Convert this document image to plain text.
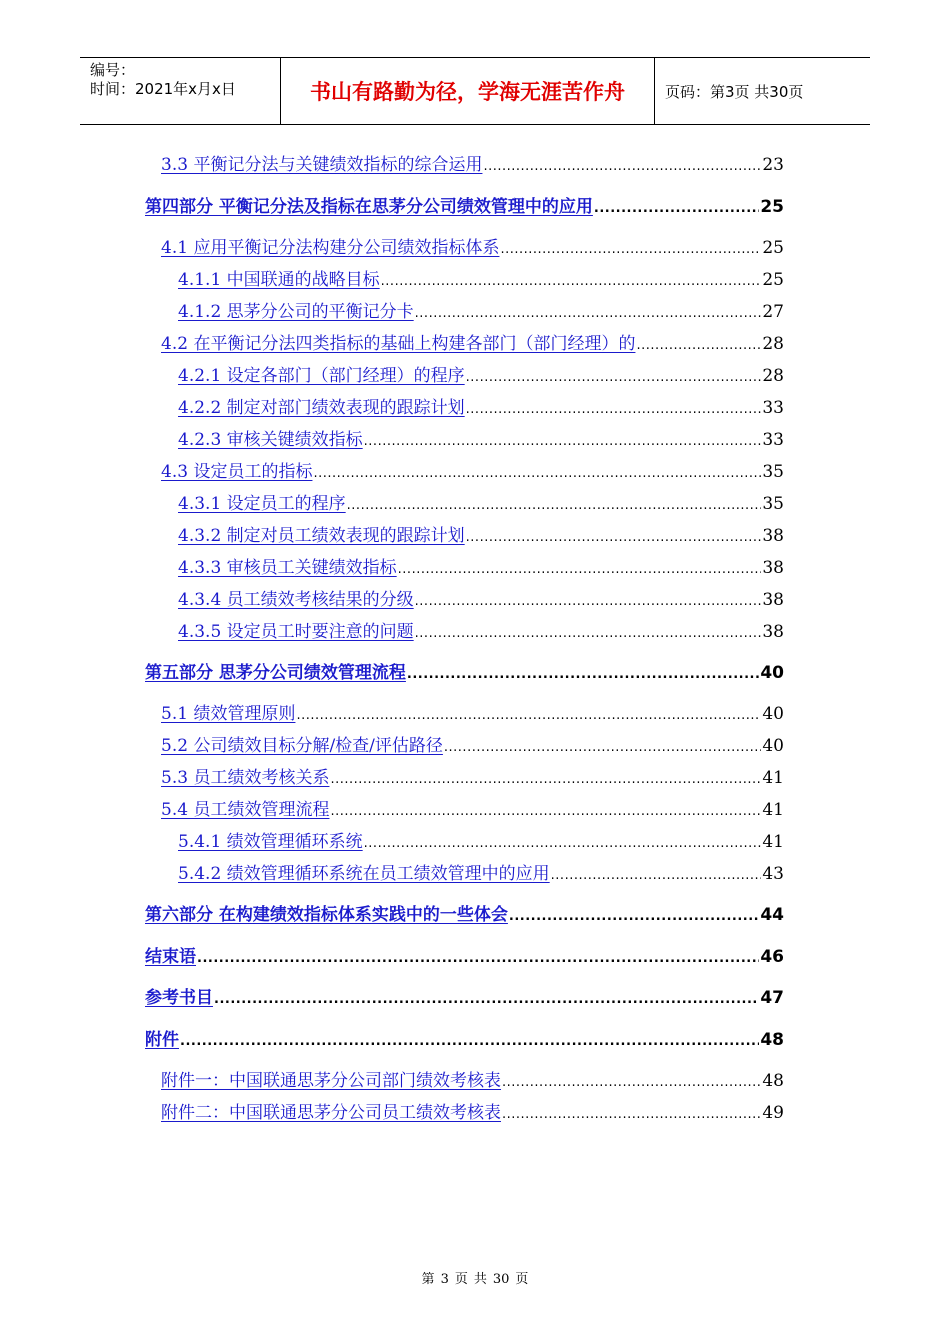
编号：
时间：2021年x月x日	书山有路勤为径，学海无涯苦作舟	页码：第3页 共30页
3.3 平衡记分法与关键绩效指标的综合运用 .....	23
第四部分 平衡记分法及指标在思茅分公司绩效管理中的应用 .....	25
4.1 应用平衡记分法构建分公司绩效指标体系 .....	25
4.1.1 中国联通的战略目标 .....	25
4.1.2 思茅分公司的平衡记分卡 .....	27
4.2 在平衡记分法四类指标的基础上构建各部门（部门经理）的 .....	28
4.2.1 设定各部门（部门经理）的程序 .....	28
4.2.2 制定对部门绩效表现的跟踪计划 .....	33
4.2.3 审核关键绩效指标 .....	33
4.3 设定员工的指标 .....	35
4.3.1 设定员工的程序 .....	35
4.3.2 制定对员工绩效表现的跟踪计划 .....	38
4.3.3 审核员工关键绩效指标 .....	38
4.3.4 员工绩效考核结果的分级 .....	38
4.3.5 设定员工时要注意的问题 .....	38
第五部分 思茅分公司绩效管理流程 .....	40
5.1 绩效管理原则 .....	40
5.2 公司绩效目标分解/检查/评估路径 .....	40
5.3 员工绩效考核关系 .....	41
5.4 员工绩效管理流程 .....	41
5.4.1 绩效管理循环系统 .....	41
5.4.2 绩效管理循环系统在员工绩效管理中的应用 .....	43
第六部分 在构建绩效指标体系实践中的一些体会 .....	44
结束语 .....	46
参考书目 .....	47
附件 .....	48
附件一：中国联通思茅分公司部门绩效考核表 .....	48
附件二：中国联通思茅分公司员工绩效考核表 .....	49
第 3 页 共 30 页
